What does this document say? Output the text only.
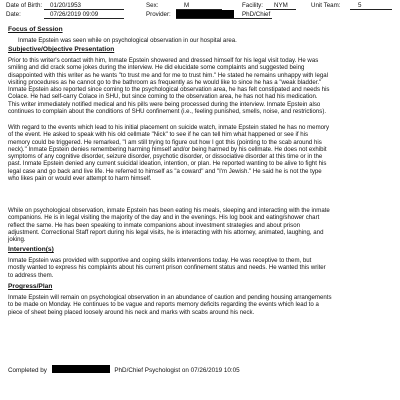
Date of Birth: 01/20/1953	Sex:	M	Facility: NYM	Unit Team:	5
Date:	07/26/2019 09:09	Provider:	PhD/Chief
Focus of Session
Inmate Epstein was seen while on psychological observation in our hospital area.
Subjective/Objective Presentation
Prior to this writer's contact with him, Inmate Epstein showered and dressed himself for his legal visit today. He was
smiling and did crack some jokes during the interview. He did elucidate some complaints and suggested being
disappointed with this writer as he wants "to trust me and for me to trust him." He stated he remains unhappy with legal
visiting procedures as he cannot go to the bathroom as frequently as he would like to since he has a "weak bladder."
Inmate Epstein also reported since coming to the psychological observation area, he has felt constipated and needs his
Colace. He had self-carry Colace in SHU, but since coming to the observation area, he has not had his medication.
This writer immediately notified medical and his pills were being processed during the interview. Inmate Epstein also
continues to complain about the conditions of SHU confinement (i.e., feeling punished, smells, noise, and restrictions).
With regard to the events which lead to his initial placement on suicide watch, inmate Epstein stated he has no memory
of the event. He asked to speak with his old cellmate "Nick" to see if he can tell him what happened or see if his
memory could be triggered. He remarked, "I am still trying to figure out how I got this (pointing to the scab around his
neck)." Inmate Epstein denies remembering harming himself and/or being harmed by his cellmate. He does not exhibit
symptoms of any cognitive disorder, seizure disorder, psychotic disorder, or dissociative disorder at this time or in the
past. Inmate Epstein denied any current suicidal ideation, intention, or plan. He reported wanting to be alive to fight his
legal case and go back and live life. He referred to himself as "a coward" and "I'm Jewish." He said he is not the type
who likes pain or would ever attempt to harm himself.
While on psychological observation, inmate Epstein has been eating his meals, sleeping and interacting with the inmate
companions. He is in legal visiting the majority of the day and in the evenings. His log book and eating/shower chart
reflect the same. He has been speaking to inmate companions about investment strategies and about prison
adjustment. Correctional Staff report during his legal visits, he is interacting with his attorney, animated, laughing, and
joking.
Intervention(s)
Inmate Epstein was provided with supportive and coping skills interventions today. He was receptive to them, but
mostly wanted to express his complaints about his current prison confinement status and needs. He wanted this writer
to address them.
Progress/Plan
Inmate Epstein will remain on psychological observation in an abundance of caution and pending housing arrangements
to be made on Monday. He continues to be vague and reports memory deficits regarding the events which lead to a
piece of sheet being placed loosely around his neck and marks with scabs around his neck.
Completed by	PhD/Chief Psychologist on 07/26/2019 10:05
